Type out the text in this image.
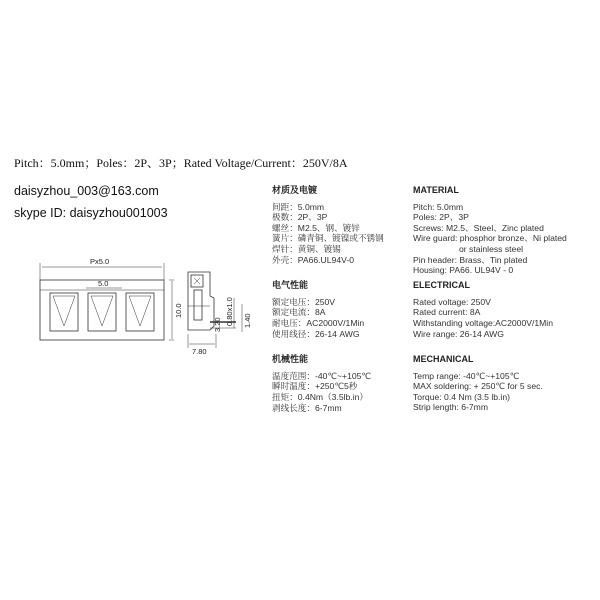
Pitch：5.0mm；Poles：2P、3P；Rated Voltage/Current：250V/8A
daisyzhou_003@163.com
skype ID: daisyzhou001003
Px5.0
5.0
10.0
7.80
3.20 0.80x1.0 1.40
材质及电镀
间距：5.0mm
极数：2P、3P
螺丝：M2.5、钢、镀锌
簧片：磷青铜、镀镍或不锈钢
焊针：黄铜、镀锡
外壳：PA66.UL94V-0
电气性能
额定电压：250V
额定电流：8A
耐电压：AC2000V/1Min
使用线径：26-14 AWG
机械性能
温度范围：-40℃~+105℃
瞬时温度：+250℃5秒
扭矩：0.4Nm（3.5lb.in）
剥线长度：6-7mm
MATERIAL
Pitch: 5.0mm
Poles: 2P、3P
Screws: M2.5、Steel、Zinc plated
Wire guard: phosphor bronze、Ni plated
or stainless steel
Pin header: Brass、Tin plated
Housing: PA66. UL94V - 0
ELECTRICAL
Rated voltage: 250V
Rated current: 8A
Withstanding voltage:AC2000V/1Min
Wire range: 26-14 AWG
MECHANICAL
Temp range: -40℃~+105℃
MAX soldering: + 250℃ for 5 sec.
Torque: 0.4 Nm (3.5 lb.in)
Strip length: 6-7mm
